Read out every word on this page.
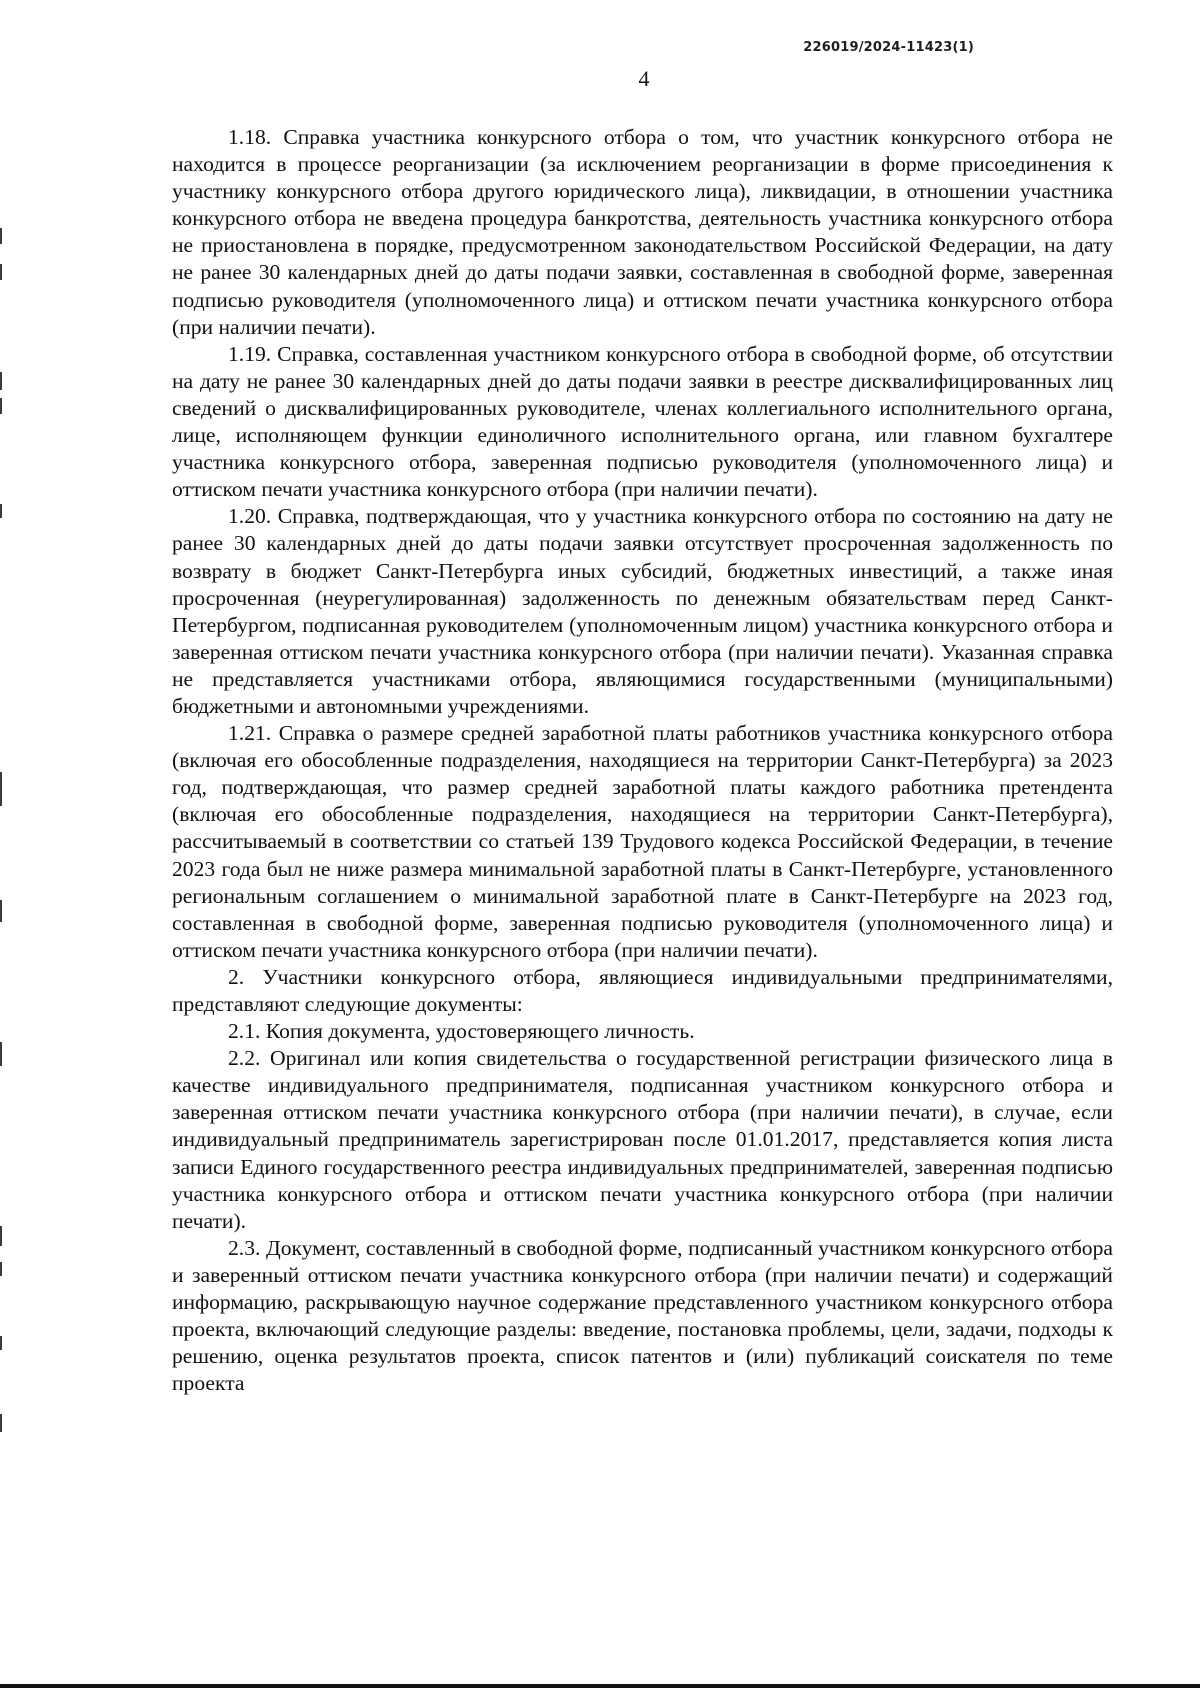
226019/2024-11423(1)
4

1.18. Справка участника конкурсного отбора о том, что участник конкурсного отбора не находится в процессе реорганизации (за исключением реорганизации в форме присоединения к участнику конкурсного отбора другого юридического лица), ликвидации, в отношении участника конкурсного отбора не введена процедура банкротства, деятельность участника конкурсного отбора не приостановлена в порядке, предусмотренном законодательством Российской Федерации, на дату не ранее 30 календарных дней до даты подачи заявки, составленная в свободной форме, заверенная подписью руководителя (уполномоченного лица) и оттиском печати участника конкурсного отбора (при наличии печати).

1.19. Справка, составленная участником конкурсного отбора в свободной форме, об отсутствии на дату не ранее 30 календарных дней до даты подачи заявки в реестре дисквалифицированных лиц сведений о дисквалифицированных руководителе, членах коллегиального исполнительного органа, лице, исполняющем функции единоличного исполнительного органа, или главном бухгалтере участника конкурсного отбора, заверенная подписью руководителя (уполномоченного лица) и оттиском печати участника конкурсного отбора (при наличии печати).

1.20. Справка, подтверждающая, что у участника конкурсного отбора по состоянию на дату не ранее 30 календарных дней до даты подачи заявки отсутствует просроченная задолженность по возврату в бюджет Санкт-Петербурга иных субсидий, бюджетных инвестиций, а также иная просроченная (неурегулированная) задолженность по денежным обязательствам перед Санкт-Петербургом, подписанная руководителем (уполномоченным лицом) участника конкурсного отбора и заверенная оттиском печати участника конкурсного отбора (при наличии печати). Указанная справка не представляется участниками отбора, являющимися государственными (муниципальными) бюджетными и автономными учреждениями.

1.21. Справка о размере средней заработной платы работников участника конкурсного отбора (включая его обособленные подразделения, находящиеся на территории Санкт-Петербурга) за 2023 год, подтверждающая, что размер средней заработной платы каждого работника претендента (включая его обособленные подразделения, находящиеся на территории Санкт-Петербурга), рассчитываемый в соответствии со статьей 139 Трудового кодекса Российской Федерации, в течение 2023 года был не ниже размера минимальной заработной платы в Санкт-Петербурге, установленного региональным соглашением о минимальной заработной плате в Санкт-Петербурге на 2023 год, составленная в свободной форме, заверенная подписью руководителя (уполномоченного лица) и оттиском печати участника конкурсного отбора (при наличии печати).

2. Участники конкурсного отбора, являющиеся индивидуальными предпринимателями, представляют следующие документы:

2.1. Копия документа, удостоверяющего личность.

2.2. Оригинал или копия свидетельства о государственной регистрации физического лица в качестве индивидуального предпринимателя, подписанная участником конкурсного отбора и заверенная оттиском печати участника конкурсного отбора (при наличии печати), в случае, если индивидуальный предприниматель зарегистрирован после 01.01.2017, представляется копия листа записи Единого государственного реестра индивидуальных предпринимателей, заверенная подписью участника конкурсного отбора и оттиском печати участника конкурсного отбора (при наличии печати).

2.3. Документ, составленный в свободной форме, подписанный участником конкурсного отбора и заверенный оттиском печати участника конкурсного отбора (при наличии печати) и содержащий информацию, раскрывающую научное содержание представленного участником конкурсного отбора проекта, включающий следующие разделы: введение, постановка проблемы, цели, задачи, подходы к решению, оценка результатов проекта, список патентов и (или) публикаций соискателя по теме проекта
